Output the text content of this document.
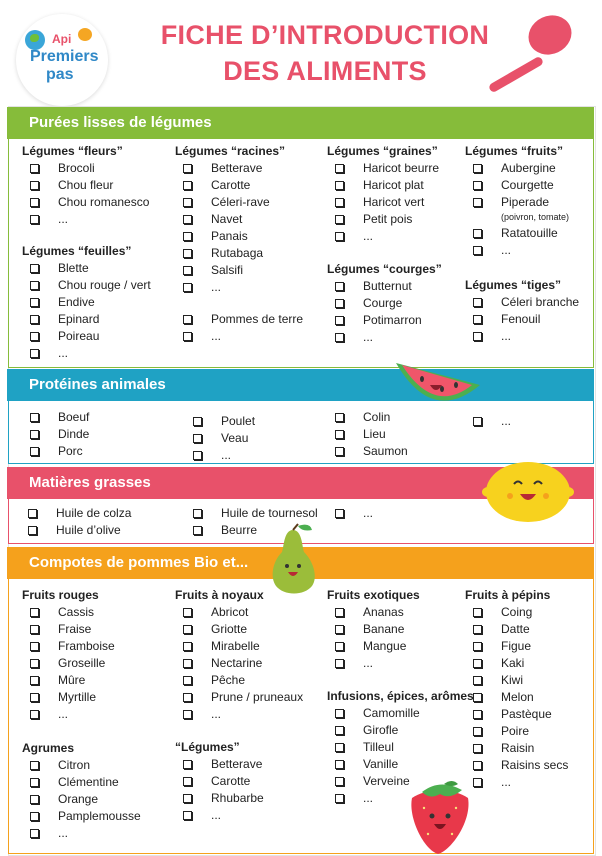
Api
Premiers
pas
FICHE D’INTRODUCTION
DES ALIMENTS
Purées lisses de légumes
Légumes “fleurs”
Brocoli
Chou fleur
Chou romanesco
...
Légumes “feuilles”
Blette
Chou rouge / vert
Endive
Epinard
Poireau
...
Légumes “racines”
Betterave
Carotte
Céleri-rave
Navet
Panais
Rutabaga
Salsifi
...
Pommes de terre
...
Légumes “graines”
Haricot beurre
Haricot plat
Haricot vert
Petit pois
...
Légumes “courges”
Butternut
Courge
Potimarron
...
Légumes “fruits”
Aubergine
Courgette
Piperade
(poivron, tomate)
Ratatouille
...
Légumes “tiges”
Céleri branche
Fenouil
...
Protéines animales
Boeuf
Dinde
Porc
Poulet
Veau
...
Colin
Lieu
Saumon
...
Matières grasses
Huile de colza
Huile d’olive
Huile de tournesol
Beurre
...
Compotes de pommes Bio et...
Fruits rouges
Cassis
Fraise
Framboise
Groseille
Mûre
Myrtille
...
Agrumes
Citron
Clémentine
Orange
Pamplemousse
...
Fruits à noyaux
Abricot
Griotte
Mirabelle
Nectarine
Pêche
Prune / pruneaux
...
“Légumes”
Betterave
Carotte
Rhubarbe
...
Fruits exotiques
Ananas
Banane
Mangue
...
Infusions, épices, arômes
Camomille
Girofle
Tilleul
Vanille
Verveine
...
Fruits à pépins
Coing
Datte
Figue
Kaki
Kiwi
Melon
Pastèque
Poire
Raisin
Raisins secs
...
